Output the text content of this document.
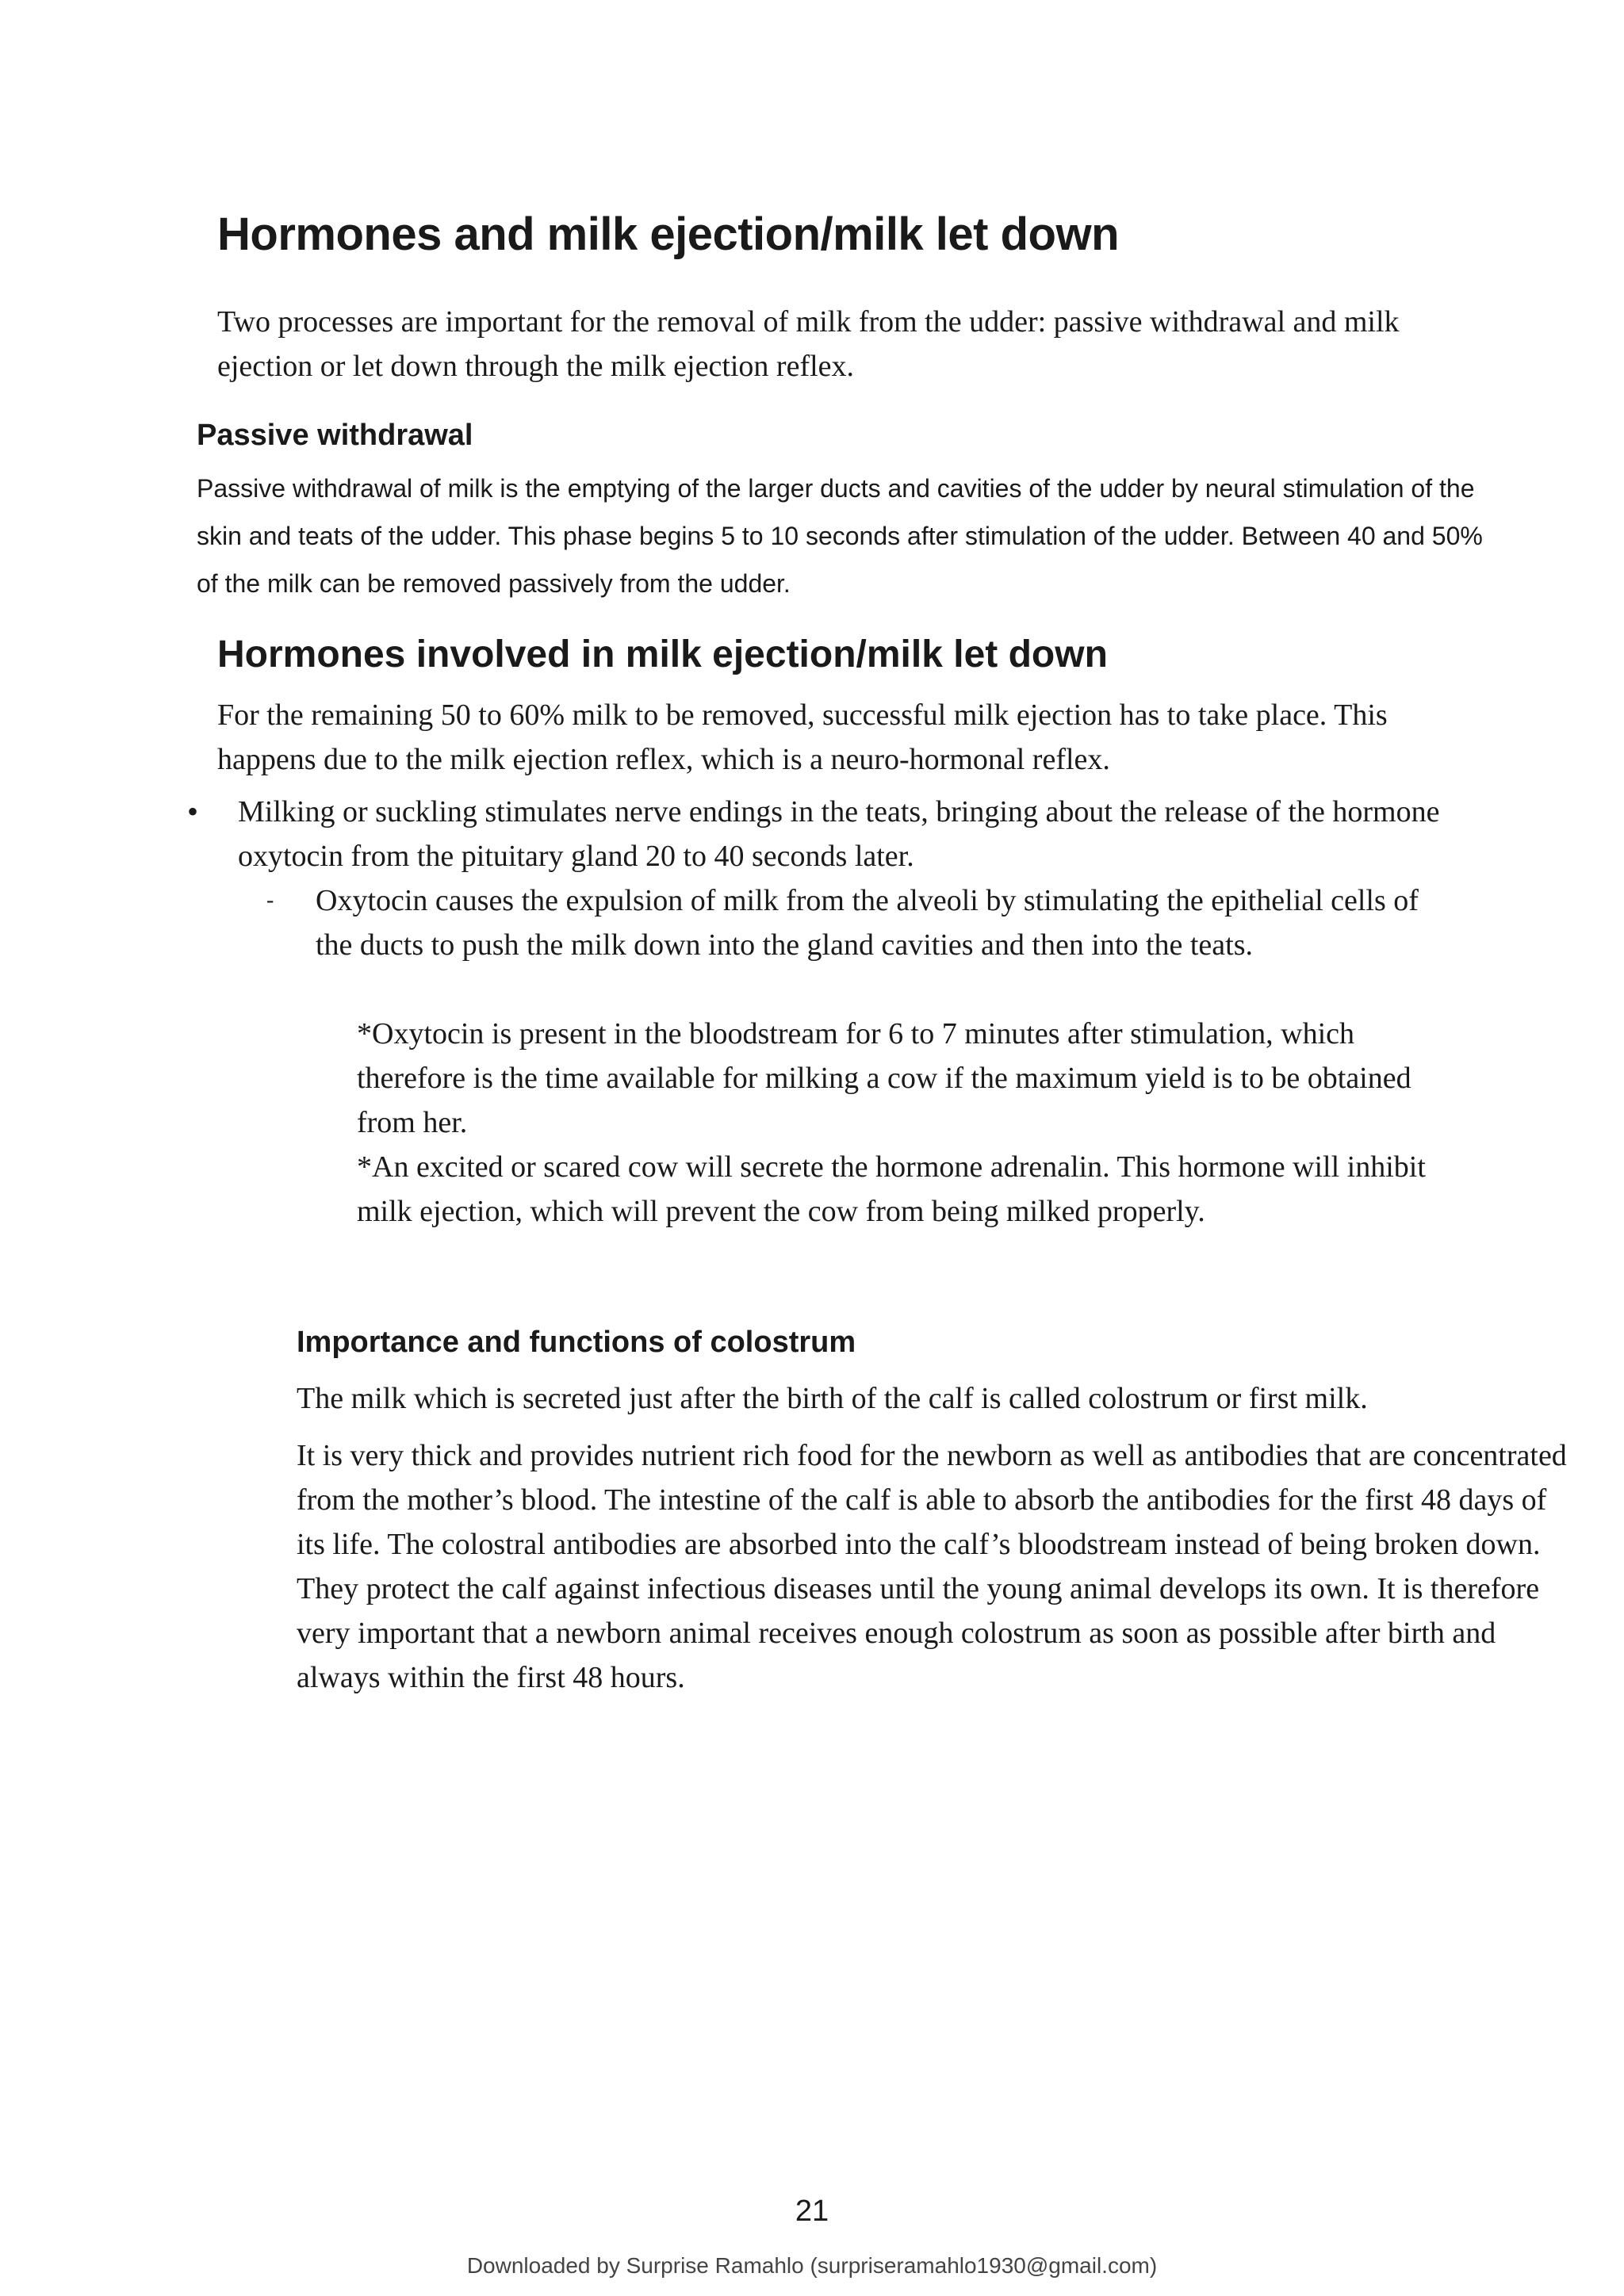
Hormones and milk ejection/milk let down

Two processes are important for the removal of milk from the udder: passive withdrawal and milk ejection or let down through the milk ejection reflex.

Passive withdrawal

Passive withdrawal of milk is the emptying of the larger ducts and cavities of the udder by neural stimulation of the skin and teats of the udder. This phase begins 5 to 10 seconds after stimulation of the udder. Between 40 and 50% of the milk can be removed passively from the udder.

Hormones involved in milk ejection/milk let down

For the remaining 50 to 60% milk to be removed, successful milk ejection has to take place. This happens due to the milk ejection reflex, which is a neuro-hormonal reflex.

• Milking or suckling stimulates nerve endings in the teats, bringing about the release of the hormone oxytocin from the pituitary gland 20 to 40 seconds later.

- Oxytocin causes the expulsion of milk from the alveoli by stimulating the epithelial cells of the ducts to push the milk down into the gland cavities and then into the teats.

*Oxytocin is present in the bloodstream for 6 to 7 minutes after stimulation, which therefore is the time available for milking a cow if the maximum yield is to be obtained from her.

*An excited or scared cow will secrete the hormone adrenalin. This hormone will inhibit milk ejection, which will prevent the cow from being milked properly.

Importance and functions of colostrum

The milk which is secreted just after the birth of the calf is called colostrum or first milk.

It is very thick and provides nutrient rich food for the newborn as well as antibodies that are concentrated from the mother’s blood. The intestine of the calf is able to absorb the antibodies for the first 48 days of its life. The colostral antibodies are absorbed into the calf’s bloodstream instead of being broken down. They protect the calf against infectious diseases until the young animal develops its own. It is therefore very important that a newborn animal receives enough colostrum as soon as possible after birth and always within the first 48 hours.

21
Downloaded by Surprise Ramahlo (surpriseramahlo1930@gmail.com)
